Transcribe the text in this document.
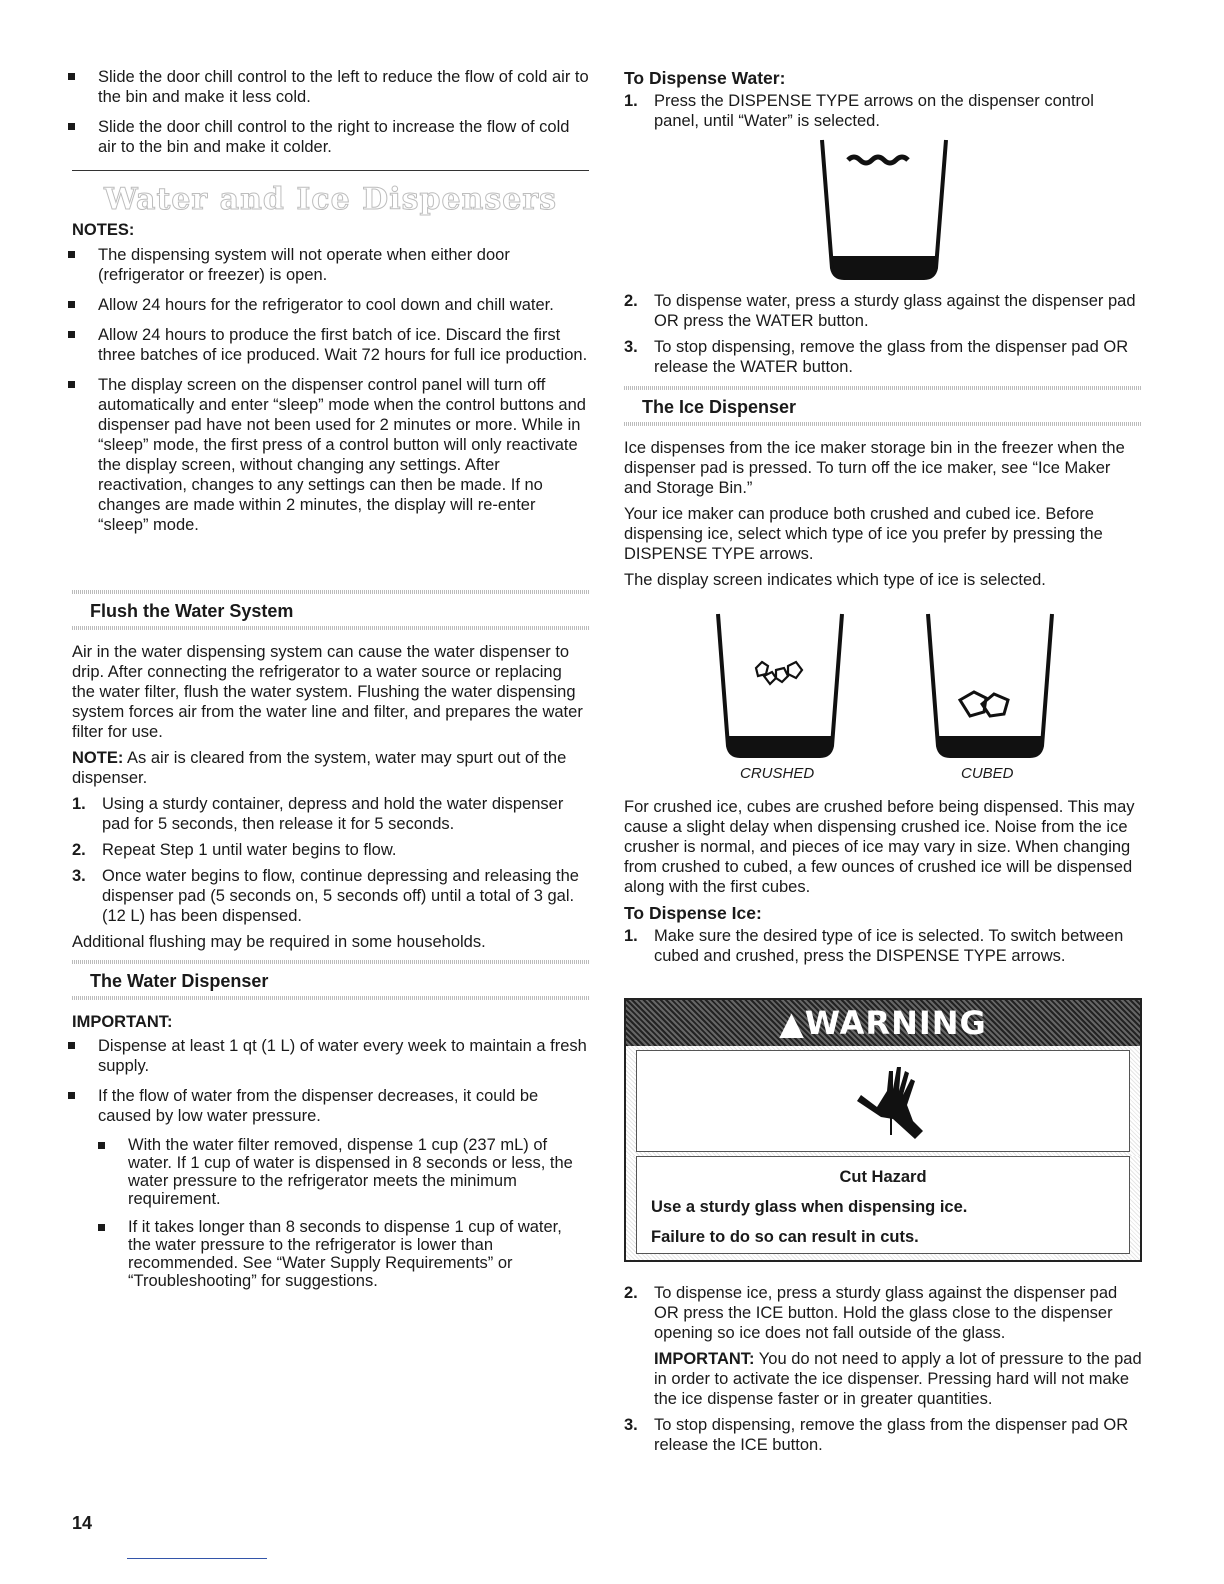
Slide the door chill control to the left to reduce the flow of cold air to the bin and make it less cold.
Slide the door chill control to the right to increase the flow of cold air to the bin and make it colder.
Water and Ice Dispensers
NOTES:
The dispensing system will not operate when either door (refrigerator or freezer) is open.
Allow 24 hours for the refrigerator to cool down and chill water.
Allow 24 hours to produce the first batch of ice. Discard the first three batches of ice produced. Wait 72 hours for full ice production.
The display screen on the dispenser control panel will turn off automatically and enter “sleep” mode when the control buttons and dispenser pad have not been used for 2 minutes or more. While in “sleep” mode, the first press of a control button will only reactivate the display screen, without changing any settings. After reactivation, changes to any settings can then be made. If no changes are made within 2 minutes, the display will re-enter “sleep” mode.
Flush the Water System

Air in the water dispensing system can cause the water dispenser to drip. After connecting the refrigerator to a water source or replacing the water filter, flush the water system. Flushing the water dispensing system forces air from the water line and filter, and prepares the water filter for use.

NOTE: As air is cleared from the system, water may spurt out of the dispenser.

1. Using a sturdy container, depress and hold the water dispenser pad for 5 seconds, then release it for 5 seconds.
2. Repeat Step 1 until water begins to flow.
3. Once water begins to flow, continue depressing and releasing the dispenser pad (5 seconds on, 5 seconds off) until a total of 3 gal. (12 L) has been dispensed.

Additional flushing may be required in some households.

The Water Dispenser
IMPORTANT:
Dispense at least 1 qt (1 L) of water every week to maintain a fresh supply.
If the flow of water from the dispenser decreases, it could be caused by low water pressure.
With the water filter removed, dispense 1 cup (237 mL) of water. If 1 cup of water is dispensed in 8 seconds or less, the water pressure to the refrigerator meets the minimum requirement.
If it takes longer than 8 seconds to dispense 1 cup of water, the water pressure to the refrigerator is lower than recommended. See “Water Supply Requirements” or “Troubleshooting” for suggestions.
14
To Dispense Water:
1. Press the DISPENSE TYPE arrows on the dispenser control panel, until “Water” is selected.
2. To dispense water, press a sturdy glass against the dispenser pad OR press the WATER button.
3. To stop dispensing, remove the glass from the dispenser pad OR release the WATER button.
The Ice Dispenser

Ice dispenses from the ice maker storage bin in the freezer when the dispenser pad is pressed. To turn off the ice maker, see “Ice Maker and Storage Bin.”

Your ice maker can produce both crushed and cubed ice. Before dispensing ice, select which type of ice you prefer by pressing the DISPENSE TYPE arrows.

The display screen indicates which type of ice is selected.

CRUSHED	CUBED

For crushed ice, cubes are crushed before being dispensed. This may cause a slight delay when dispensing crushed ice. Noise from the ice crusher is normal, and pieces of ice may vary in size. When changing from crushed to cubed, a few ounces of crushed ice will be dispensed along with the first cubes.

To Dispense Ice:
1. Make sure the desired type of ice is selected. To switch between cubed and crushed, press the DISPENSE TYPE arrows.
▲WARNING
Cut Hazard
Use a sturdy glass when dispensing ice.
Failure to do so can result in cuts.
2. To dispense ice, press a sturdy glass against the dispenser pad OR press the ICE button. Hold the glass close to the dispenser opening so ice does not fall outside of the glass.

IMPORTANT: You do not need to apply a lot of pressure to the pad in order to activate the ice dispenser. Pressing hard will not make the ice dispense faster or in greater quantities.

3. To stop dispensing, remove the glass from the dispenser pad OR release the ICE button.
